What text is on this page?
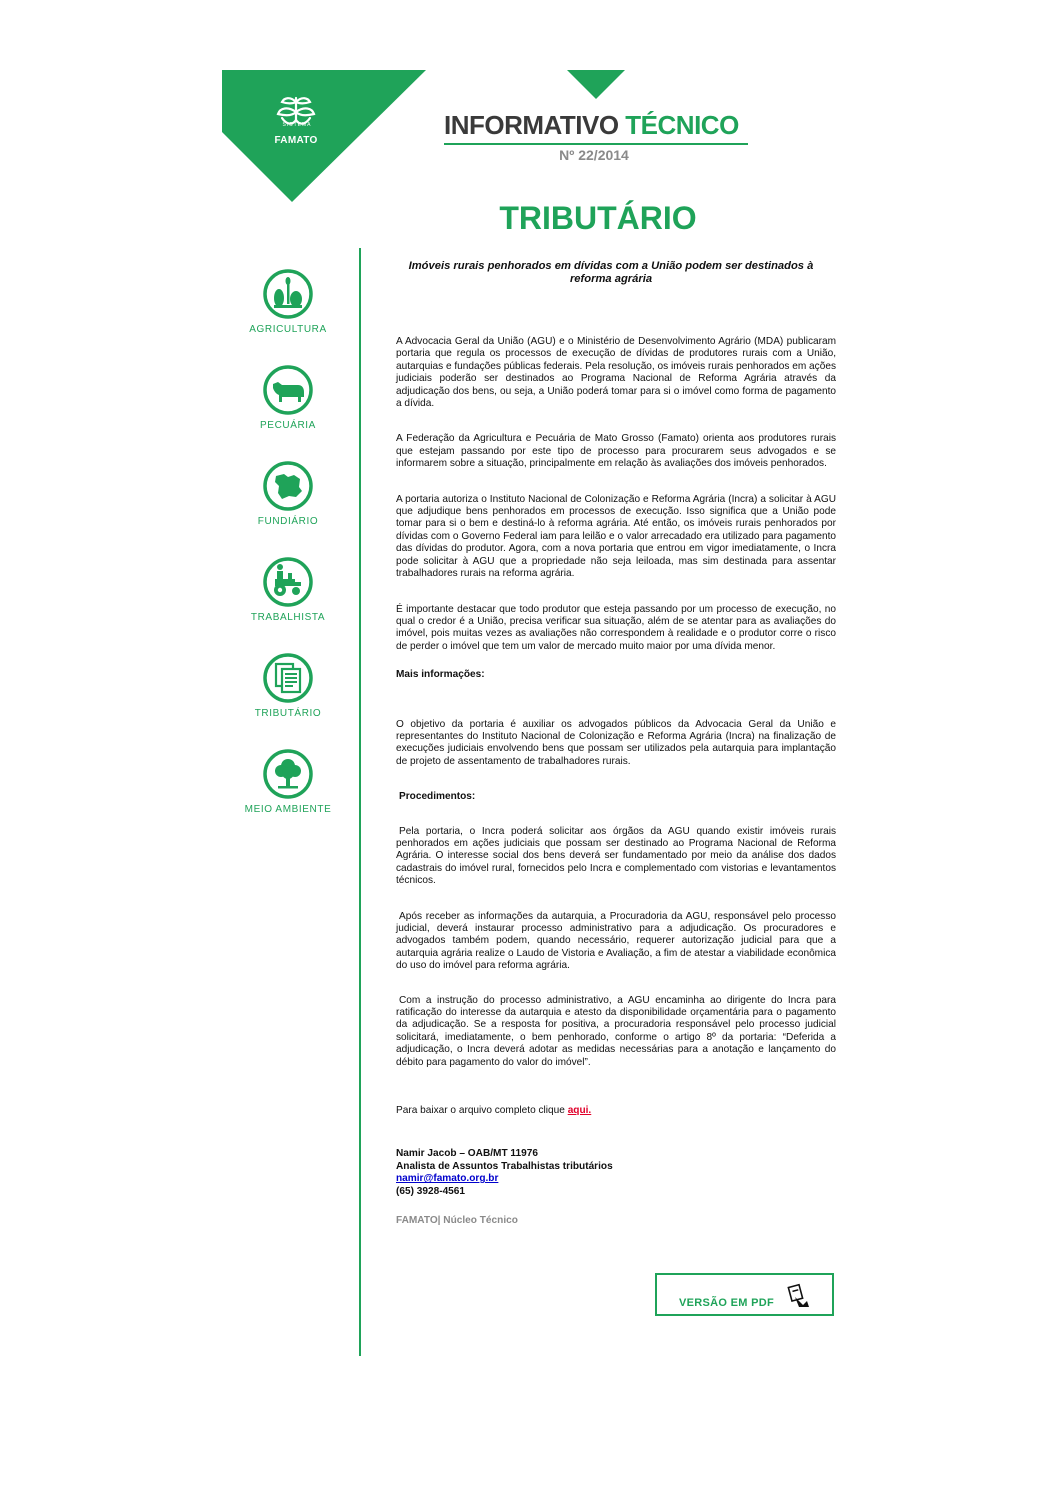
SISTEMA
FAMATO
INFORMATIVO TÉCNICO
Nº 22/2014
TRIBUTÁRIO
AGRICULTURA
PECUÁRIA
FUNDIÁRIO
TRABALHISTA
TRIBUTÁRIO
MEIO AMBIENTE

Imóveis rurais penhorados em dívidas com a União podem ser destinados à reforma agrária

A Advocacia Geral da União (AGU) e o Ministério de Desenvolvimento Agrário (MDA) publicaram portaria que regula os processos de execução de dívidas de produtores rurais com a União, autarquias e fundações públicas federais. Pela resolução, os imóveis rurais penhorados em ações judiciais poderão ser destinados ao Programa Nacional de Reforma Agrária através da adjudicação dos bens, ou seja, a União poderá tomar para si o imóvel como forma de pagamento a dívida.

A Federação da Agricultura e Pecuária de Mato Grosso (Famato) orienta aos produtores rurais que estejam passando por este tipo de processo para procurarem seus advogados e se informarem sobre a situação, principalmente em relação às avaliações dos imóveis penhorados.

A portaria autoriza o Instituto Nacional de Colonização e Reforma Agrária (Incra) a solicitar à AGU que adjudique bens penhorados em processos de execução. Isso significa que a União pode tomar para si o bem e destiná-lo à reforma agrária. Até então, os imóveis rurais penhorados por dívidas com o Governo Federal iam para leilão e o valor arrecadado era utilizado para pagamento das dívidas do produtor. Agora, com a nova portaria que entrou em vigor imediatamente, o Incra pode solicitar à AGU que a propriedade não seja leiloada, mas sim destinada para assentar trabalhadores rurais na reforma agrária.

É importante destacar que todo produtor que esteja passando por um processo de execução, no qual o credor é a União, precisa verificar sua situação, além de se atentar para as avaliações do imóvel, pois muitas vezes as avaliações não correspondem à realidade e o produtor corre o risco de perder o imóvel que tem um valor de mercado muito maior por uma dívida menor.

Mais informações:

O objetivo da portaria é auxiliar os advogados públicos da Advocacia Geral da União e representantes do Instituto Nacional de Colonização e Reforma Agrária (Incra) na finalização de execuções judiciais envolvendo bens que possam ser utilizados pela autarquia para implantação de projeto de assentamento de trabalhadores rurais.

Procedimentos:

Pela portaria, o Incra poderá solicitar aos órgãos da AGU quando existir imóveis rurais penhorados em ações judiciais que possam ser destinado ao Programa Nacional de Reforma Agrária. O interesse social dos bens deverá ser fundamentado por meio da análise dos dados cadastrais do imóvel rural, fornecidos pelo Incra e complementado com vistorias e levantamentos técnicos.

Após receber as informações da autarquia, a Procuradoria da AGU, responsável pelo processo judicial, deverá instaurar processo administrativo para a adjudicação. Os procuradores e advogados também podem, quando necessário, requerer autorização judicial para que a autarquia agrária realize o Laudo de Vistoria e Avaliação, a fim de atestar a viabilidade econômica do uso do imóvel para reforma agrária.

Com a instrução do processo administrativo, a AGU encaminha ao dirigente do Incra para ratificação do interesse da autarquia e atesto da disponibilidade orçamentária para o pagamento da adjudicação. Se a resposta for positiva, a procuradoria responsável pelo processo judicial solicitará, imediatamente, o bem penhorado, conforme o artigo 8º da portaria: “Deferida a adjudicação, o Incra deverá adotar as medidas necessárias para a anotação e lançamento do débito para pagamento do valor do imóvel”.

Para baixar o arquivo completo clique aqui.

Namir Jacob – OAB/MT 11976

Analista de Assuntos Trabalhistas tributários

namir@famato.org.br

(65) 3928-4561

FAMATO| Núcleo Técnico

VERSÃO EM PDF
